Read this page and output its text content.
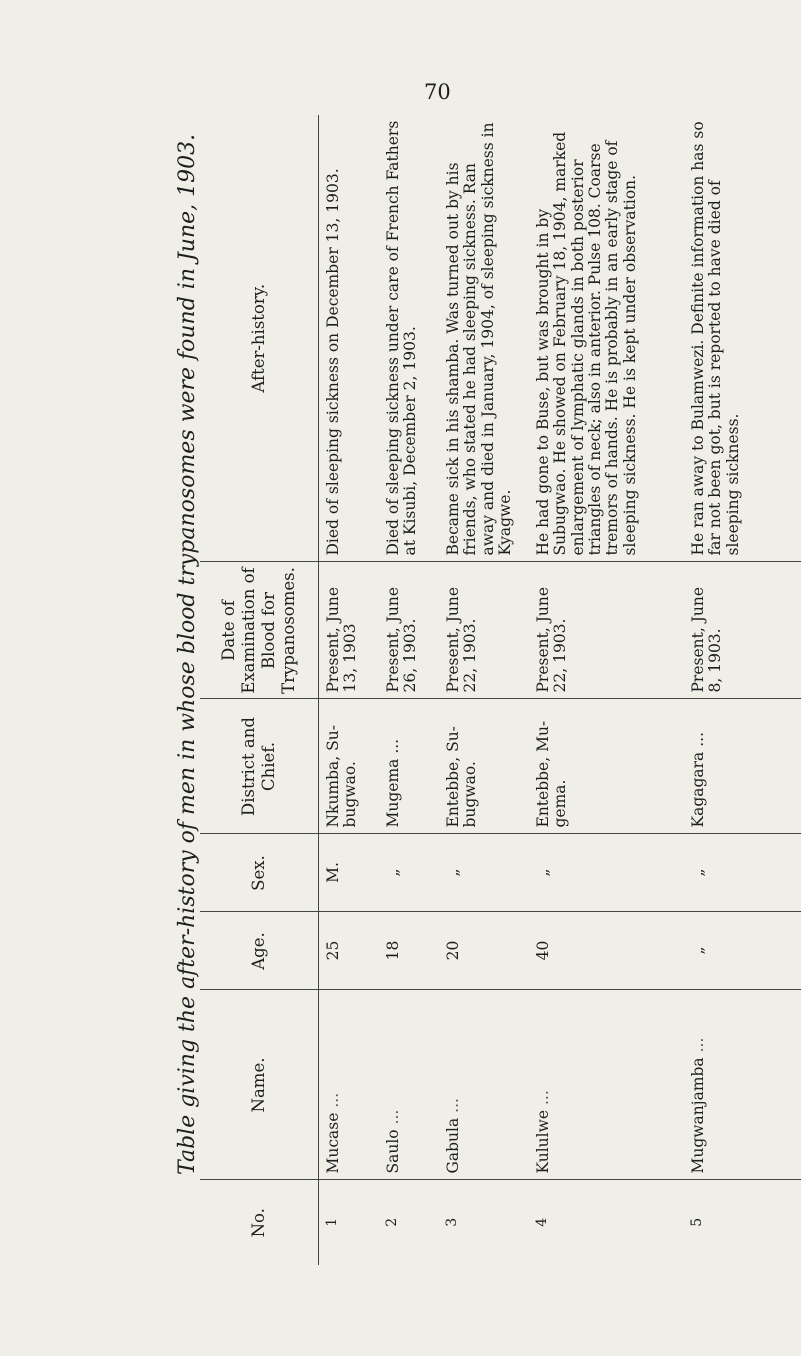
70
Table giving the after-history of men in whose blood trypanosomes were found in June, 1903.
No.	Name.	Age.	Sex.	District and Chief.	Date of Examination of Blood for Trypanosomes.	After-history.
1	Mucase ...	25	M.	Nkumba, Su-bugwao.	Present, June 13, 1903	Died of sleeping sickness on December 13, 1903.
2	Saulo ...	18	„	Mugema ...	Present, June 26, 1903.	Died of sleeping sickness under care of French Fathers at Kisubi, December 2, 1903.
3	Gabula ...	20	„	Entebbe, Su-bugwao.	Present, June 22, 1903.	Became sick in his shamba. Was turned out by his friends, who stated he had sleeping sickness. Ran away and died in January, 1904, of sleeping sickness in Kyagwe.
4	Kululwe ...	40	„	Entebbe, Mu-gema.	Present, June 22, 1903.	He had gone to Buse, but was brought in by Subugwao. He showed on February 18, 1904, marked enlargement of lymphatic glands in both posterior triangles of neck; also in anterior. Pulse 108. Coarse tremors of hands. He is probably in an early stage of sleeping sickness. He is kept under observation.
5	Mugwanjamba ...	„	„	Kagagara ...	Present, June 8, 1903.	He ran away to Bulamwezi. Definite information has so far not been got, but is reported to have died of sleeping sickness.
